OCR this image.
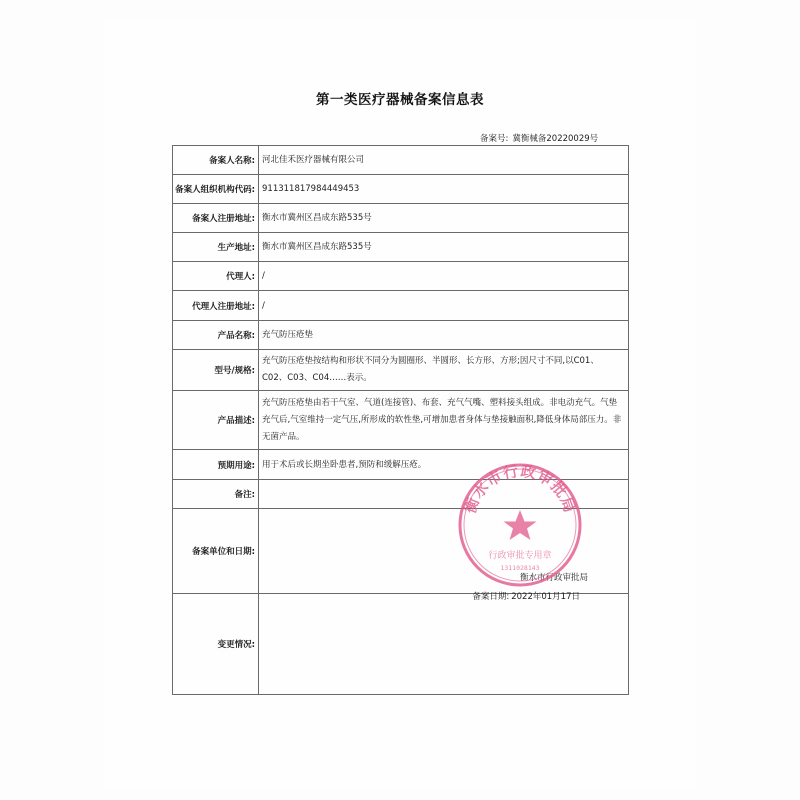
第一类医疗器械备案信息表
备案号: 冀衡械备20220029号
备案人名称:	河北佳禾医疗器械有限公司
备案人组织机构代码:	911311817984449453
备案人注册地址:	衡水市冀州区昌成东路535号
生产地址:	衡水市冀州区昌成东路535号
代理人:	/
代理人注册地址:	/
产品名称:	充气防压疮垫
型号/规格:	充气防压疮垫按结构和形状不同分为圆圈形、半圆形、长方形、方形;因尺寸不同,以C01、C02、C03、C04……表示。
产品描述:	充气防压疮垫由若干气室、气道(连接管)、布套、充气气嘴、塑料接头组成。非电动充气。气垫充气后,气室维持一定气压,所形成的软性垫,可增加患者身体与垫接触面积,降低身体局部压力。非无菌产品。
预期用途:	用于术后或长期坐卧患者,预防和缓解压疮。
备注:	
备案单位和日期:	衡水市行政审批局
备案日期: 2022年01月17日

变更情况:	
衡水市行政审批局
行政审批专用章
1311028143
